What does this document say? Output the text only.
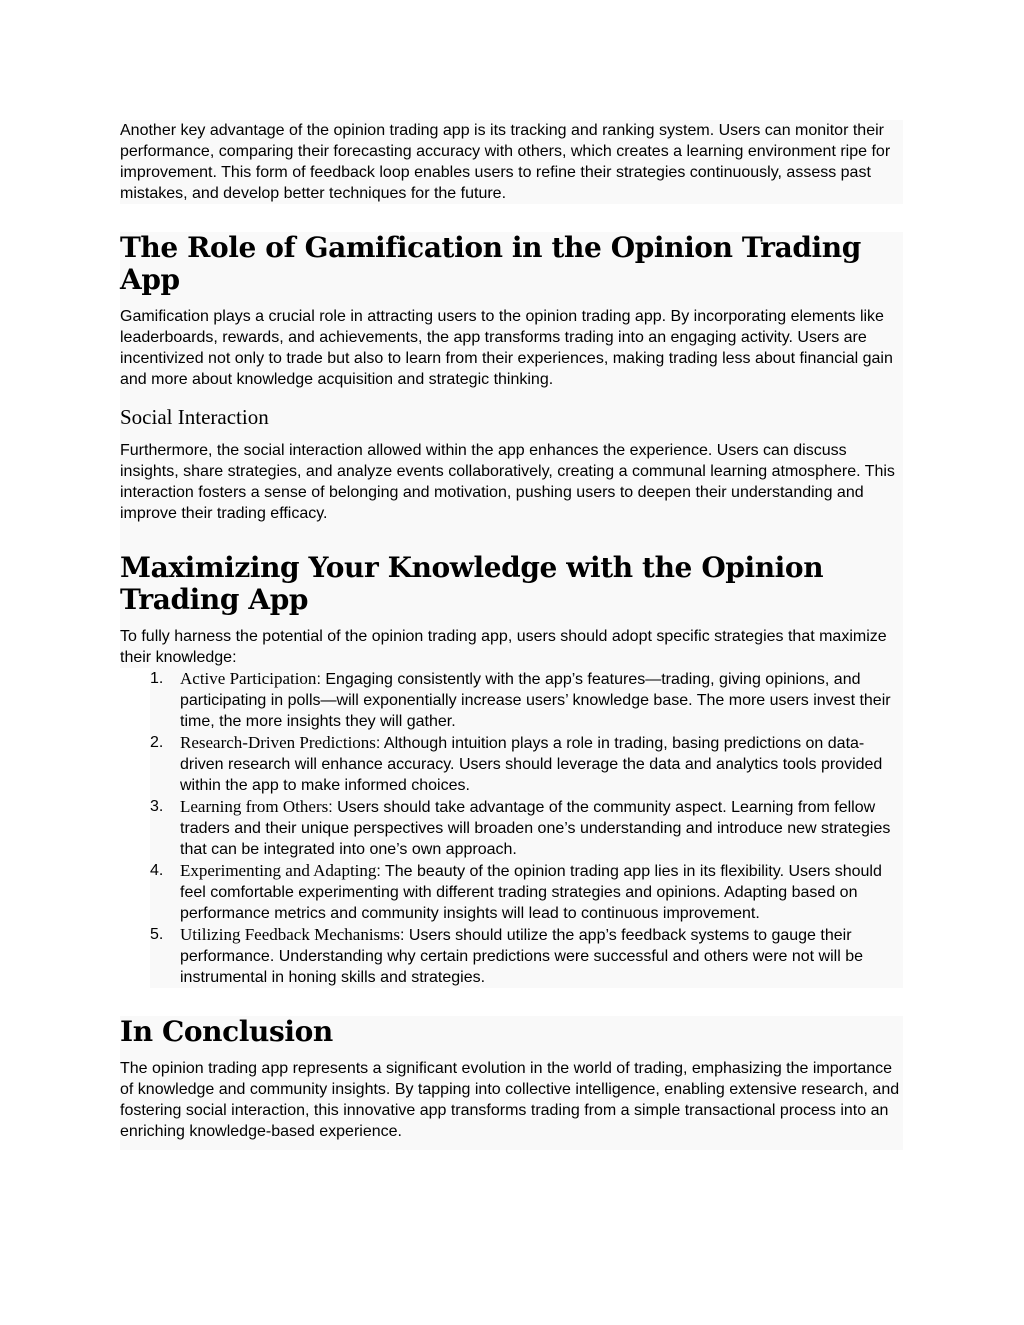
Another key advantage of the opinion trading app is its tracking and ranking system. Users can monitor their performance, comparing their forecasting accuracy with others, which creates a learning environment ripe for improvement. This form of feedback loop enables users to refine their strategies continuously, assess past mistakes, and develop better techniques for the future.

The Role of Gamification in the Opinion Trading App

Gamification plays a crucial role in attracting users to the opinion trading app. By incorporating elements like leaderboards, rewards, and achievements, the app transforms trading into an engaging activity. Users are incentivized not only to trade but also to learn from their experiences, making trading less about financial gain and more about knowledge acquisition and strategic thinking.

Social Interaction

Furthermore, the social interaction allowed within the app enhances the experience. Users can discuss insights, share strategies, and analyze events collaboratively, creating a communal learning atmosphere. This interaction fosters a sense of belonging and motivation, pushing users to deepen their understanding and improve their trading efficacy.

Maximizing Your Knowledge with the Opinion Trading App

To fully harness the potential of the opinion trading app, users should adopt specific strategies that maximize their knowledge:

1. Active Participation: Engaging consistently with the app’s features—trading, giving opinions, and participating in polls—will exponentially increase users’ knowledge base. The more users invest their time, the more insights they will gather.
2. Research-Driven Predictions: Although intuition plays a role in trading, basing predictions on data-driven research will enhance accuracy. Users should leverage the data and analytics tools provided within the app to make informed choices.
3. Learning from Others: Users should take advantage of the community aspect. Learning from fellow traders and their unique perspectives will broaden one’s understanding and introduce new strategies that can be integrated into one’s own approach.
4. Experimenting and Adapting: The beauty of the opinion trading app lies in its flexibility. Users should feel comfortable experimenting with different trading strategies and opinions. Adapting based on performance metrics and community insights will lead to continuous improvement.
5. Utilizing Feedback Mechanisms: Users should utilize the app’s feedback systems to gauge their performance. Understanding why certain predictions were successful and others were not will be instrumental in honing skills and strategies.
In Conclusion

The opinion trading app represents a significant evolution in the world of trading, emphasizing the importance of knowledge and community insights. By tapping into collective intelligence, enabling extensive research, and fostering social interaction, this innovative app transforms trading from a simple transactional process into an enriching knowledge-based experience.
